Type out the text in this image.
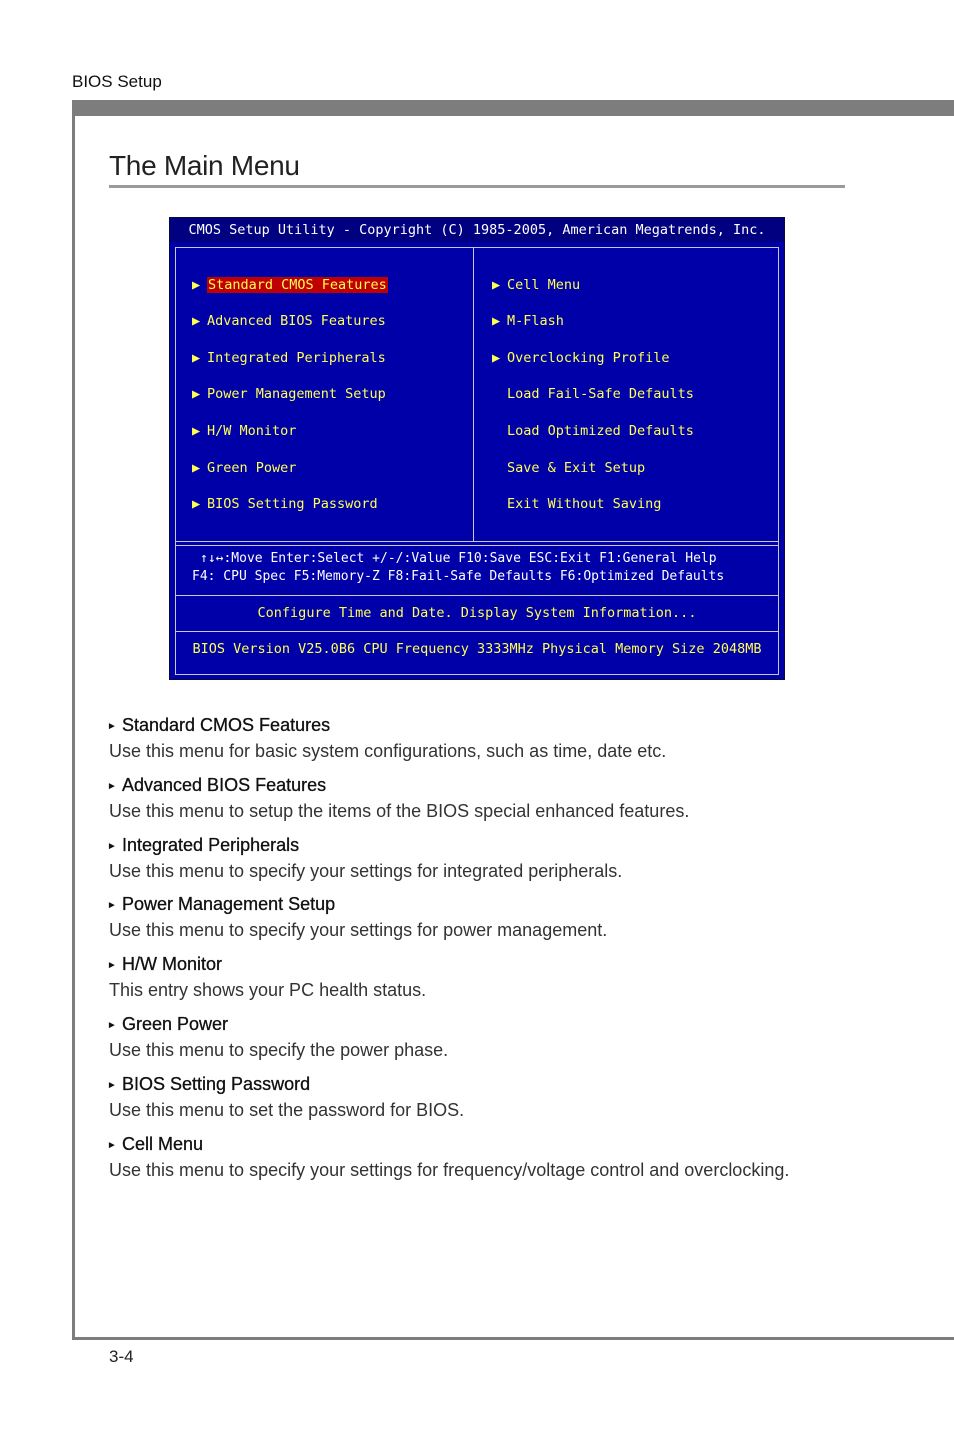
BIOS Setup
The Main Menu
CMOS Setup Utility - Copyright (C) 1985-2005, American Megatrends, Inc.
▶ Standard CMOS Features
▶ Advanced BIOS Features
▶ Integrated Peripherals
▶ Power Management Setup
▶ H/W Monitor
▶ Green Power
▶ BIOS Setting Password
▶ Cell Menu
▶ M-Flash
▶ Overclocking Profile
Load Fail-Safe Defaults
Load Optimized Defaults
Save & Exit Setup
Exit Without Saving
↑↓↔:Move Enter:Select +/-/:Value F10:Save ESC:Exit F1:General Help
F4: CPU Spec F5:Memory-Z F8:Fail-Safe Defaults F6:Optimized Defaults
Configure Time and Date. Display System Information...
BIOS Version V25.0B6 CPU Frequency 3333MHz Physical Memory Size 2048MB
▸ Standard CMOS Features
Use this menu for basic system configurations, such as time, date etc.
▸ Advanced BIOS Features
Use this menu to setup the items of the BIOS special enhanced features.
▸ Integrated Peripherals
Use this menu to specify your settings for integrated peripherals.
▸ Power Management Setup
Use this menu to specify your settings for power management.
▸ H/W Monitor
This entry shows your PC health status.
▸ Green Power
Use this menu to specify the power phase.
▸ BIOS Setting Password
Use this menu to set the password for BIOS.
▸ Cell Menu
Use this menu to specify your settings for frequency/voltage control and overclocking.
3-4
